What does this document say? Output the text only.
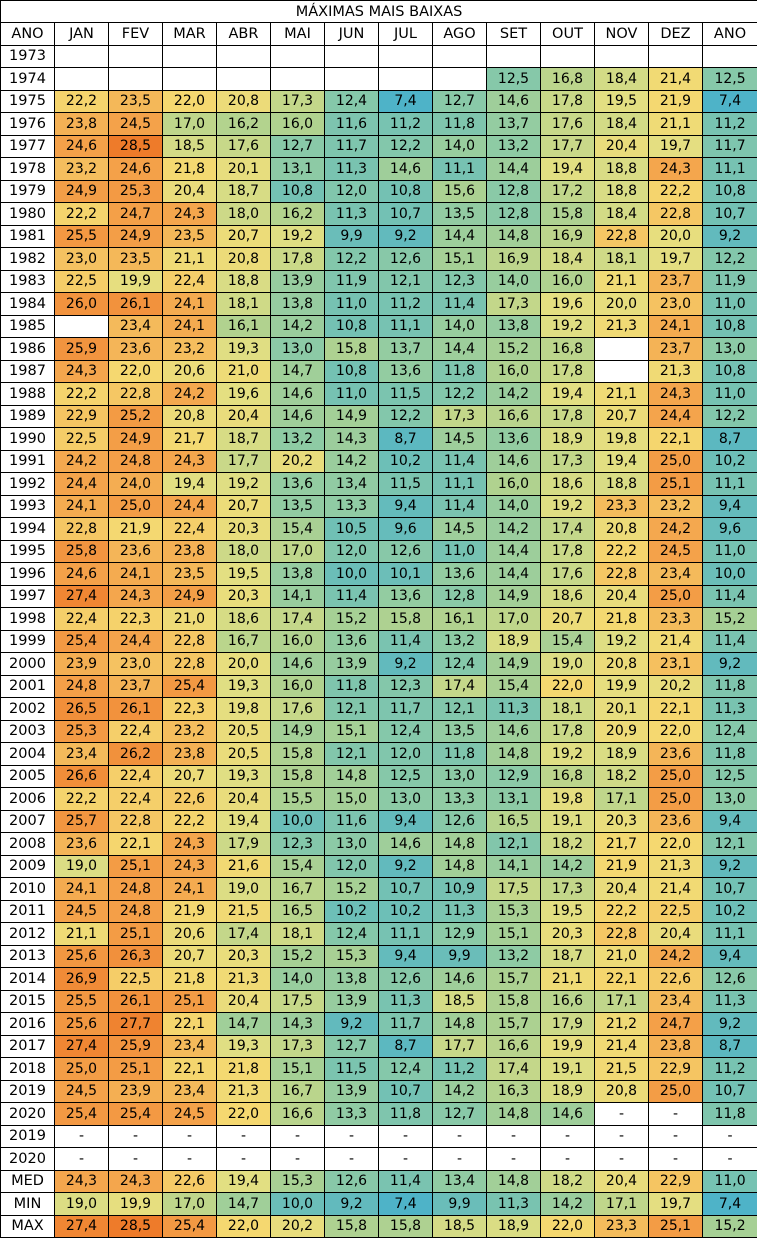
MÁXIMAS MAIS BAIXAS													
ANO	JAN	FEV	MAR	ABR	MAI	JUN	JUL	AGO	SET	OUT	NOV	DEZ	ANO
1973													
1974									12,5	16,8	18,4	21,4	12,5
1975	22,2	23,5	22,0	20,8	17,3	12,4	7,4	12,7	14,6	17,8	19,5	21,9	7,4
1976	23,8	24,5	17,0	16,2	16,0	11,6	11,2	11,8	13,7	17,6	18,4	21,1	11,2
1977	24,6	28,5	18,5	17,6	12,7	11,7	12,2	14,0	13,2	17,7	20,4	19,7	11,7
1978	23,2	24,6	21,8	20,1	13,1	11,3	14,6	11,1	14,4	19,4	18,8	24,3	11,1
1979	24,9	25,3	20,4	18,7	10,8	12,0	10,8	15,6	12,8	17,2	18,8	22,2	10,8
1980	22,2	24,7	24,3	18,0	16,2	11,3	10,7	13,5	12,8	15,8	18,4	22,8	10,7
1981	25,5	24,9	23,5	20,7	19,2	9,9	9,2	14,4	14,8	16,9	22,8	20,0	9,2
1982	23,0	23,5	21,1	20,8	17,8	12,2	12,6	15,1	16,9	18,4	18,1	19,7	12,2
1983	22,5	19,9	22,4	18,8	13,9	11,9	12,1	12,3	14,0	16,0	21,1	23,7	11,9
1984	26,0	26,1	24,1	18,1	13,8	11,0	11,2	11,4	17,3	19,6	20,0	23,0	11,0
1985		23,4	24,1	16,1	14,2	10,8	11,1	14,0	13,8	19,2	21,3	24,1	10,8
1986	25,9	23,6	23,2	19,3	13,0	15,8	13,7	14,4	15,2	16,8		23,7	13,0
1987	24,3	22,0	20,6	21,0	14,7	10,8	13,6	11,8	16,0	17,8		21,3	10,8
1988	22,2	22,8	24,2	19,6	14,6	11,0	11,5	12,2	14,2	19,4	21,1	24,3	11,0
1989	22,9	25,2	20,8	20,4	14,6	14,9	12,2	17,3	16,6	17,8	20,7	24,4	12,2
1990	22,5	24,9	21,7	18,7	13,2	14,3	8,7	14,5	13,6	18,9	19,8	22,1	8,7
1991	24,2	24,8	24,3	17,7	20,2	14,2	10,2	11,4	14,6	17,3	19,4	25,0	10,2
1992	24,4	24,0	19,4	19,2	13,6	13,4	11,5	11,1	16,0	18,6	18,8	25,1	11,1
1993	24,1	25,0	24,4	20,7	13,5	13,3	9,4	11,4	14,0	19,2	23,3	23,2	9,4
1994	22,8	21,9	22,4	20,3	15,4	10,5	9,6	14,5	14,2	17,4	20,8	24,2	9,6
1995	25,8	23,6	23,8	18,0	17,0	12,0	12,6	11,0	14,4	17,8	22,2	24,5	11,0
1996	24,6	24,1	23,5	19,5	13,8	10,0	10,1	13,6	14,4	17,6	22,8	23,4	10,0
1997	27,4	24,3	24,9	20,3	14,1	11,4	13,6	12,8	14,9	18,6	20,4	25,0	11,4
1998	22,4	22,3	21,0	18,6	17,4	15,2	15,8	16,1	17,0	20,7	21,8	23,3	15,2
1999	25,4	24,4	22,8	16,7	16,0	13,6	11,4	13,2	18,9	15,4	19,2	21,4	11,4
2000	23,9	23,0	22,8	20,0	14,6	13,9	9,2	12,4	14,9	19,0	20,8	23,1	9,2
2001	24,8	23,7	25,4	19,3	16,0	11,8	12,3	17,4	15,4	22,0	19,9	20,2	11,8
2002	26,5	26,1	22,3	19,8	17,6	12,1	11,7	12,1	11,3	18,1	20,1	22,1	11,3
2003	25,3	22,4	23,2	20,5	14,9	15,1	12,4	13,5	14,6	17,8	20,9	22,0	12,4
2004	23,4	26,2	23,8	20,5	15,8	12,1	12,0	11,8	14,8	19,2	18,9	23,6	11,8
2005	26,6	22,4	20,7	19,3	15,8	14,8	12,5	13,0	12,9	16,8	18,2	25,0	12,5
2006	22,2	22,4	22,6	20,4	15,5	15,0	13,0	13,3	13,1	19,8	17,1	25,0	13,0
2007	25,7	22,8	22,2	19,4	10,0	11,6	9,4	12,6	16,5	19,1	20,3	23,6	9,4
2008	23,6	22,1	24,3	17,9	12,3	13,0	14,6	14,8	12,1	18,2	21,7	22,0	12,1
2009	19,0	25,1	24,3	21,6	15,4	12,0	9,2	14,8	14,1	14,2	21,9	21,3	9,2
2010	24,1	24,8	24,1	19,0	16,7	15,2	10,7	10,9	17,5	17,3	20,4	21,4	10,7
2011	24,5	24,8	21,9	21,5	16,5	10,2	10,2	11,3	15,3	19,5	22,2	22,5	10,2
2012	21,1	25,1	20,6	17,4	18,1	12,4	11,1	12,9	15,1	20,3	22,8	20,4	11,1
2013	25,6	26,3	20,7	20,3	15,2	15,3	9,4	9,9	13,2	18,7	21,0	24,2	9,4
2014	26,9	22,5	21,8	21,3	14,0	13,8	12,6	14,6	15,7	21,1	22,1	22,6	12,6
2015	25,5	26,1	25,1	20,4	17,5	13,9	11,3	18,5	15,8	16,6	17,1	23,4	11,3
2016	25,6	27,7	22,1	14,7	14,3	9,2	11,7	14,8	15,7	17,9	21,2	24,7	9,2
2017	27,4	25,9	23,4	19,3	17,3	12,7	8,7	17,7	16,6	19,9	21,4	23,8	8,7
2018	25,0	25,1	22,1	21,8	15,1	11,5	12,4	11,2	17,4	19,1	21,5	22,9	11,2
2019	24,5	23,9	23,4	21,3	16,7	13,9	10,7	14,2	16,3	18,9	20,8	25,0	10,7
2020	25,4	25,4	24,5	22,0	16,6	13,3	11,8	12,7	14,8	14,6	-	-	11,8
2019	-	-	-	-	-	-	-	-	-	-	-	-	-
2020	-	-	-	-	-	-	-	-	-	-	-	-	-
MED	24,3	24,3	22,6	19,4	15,3	12,6	11,4	13,4	14,8	18,2	20,4	22,9	11,0
MIN	19,0	19,9	17,0	14,7	10,0	9,2	7,4	9,9	11,3	14,2	17,1	19,7	7,4
MAX	27,4	28,5	25,4	22,0	20,2	15,8	15,8	18,5	18,9	22,0	23,3	25,1	15,2
